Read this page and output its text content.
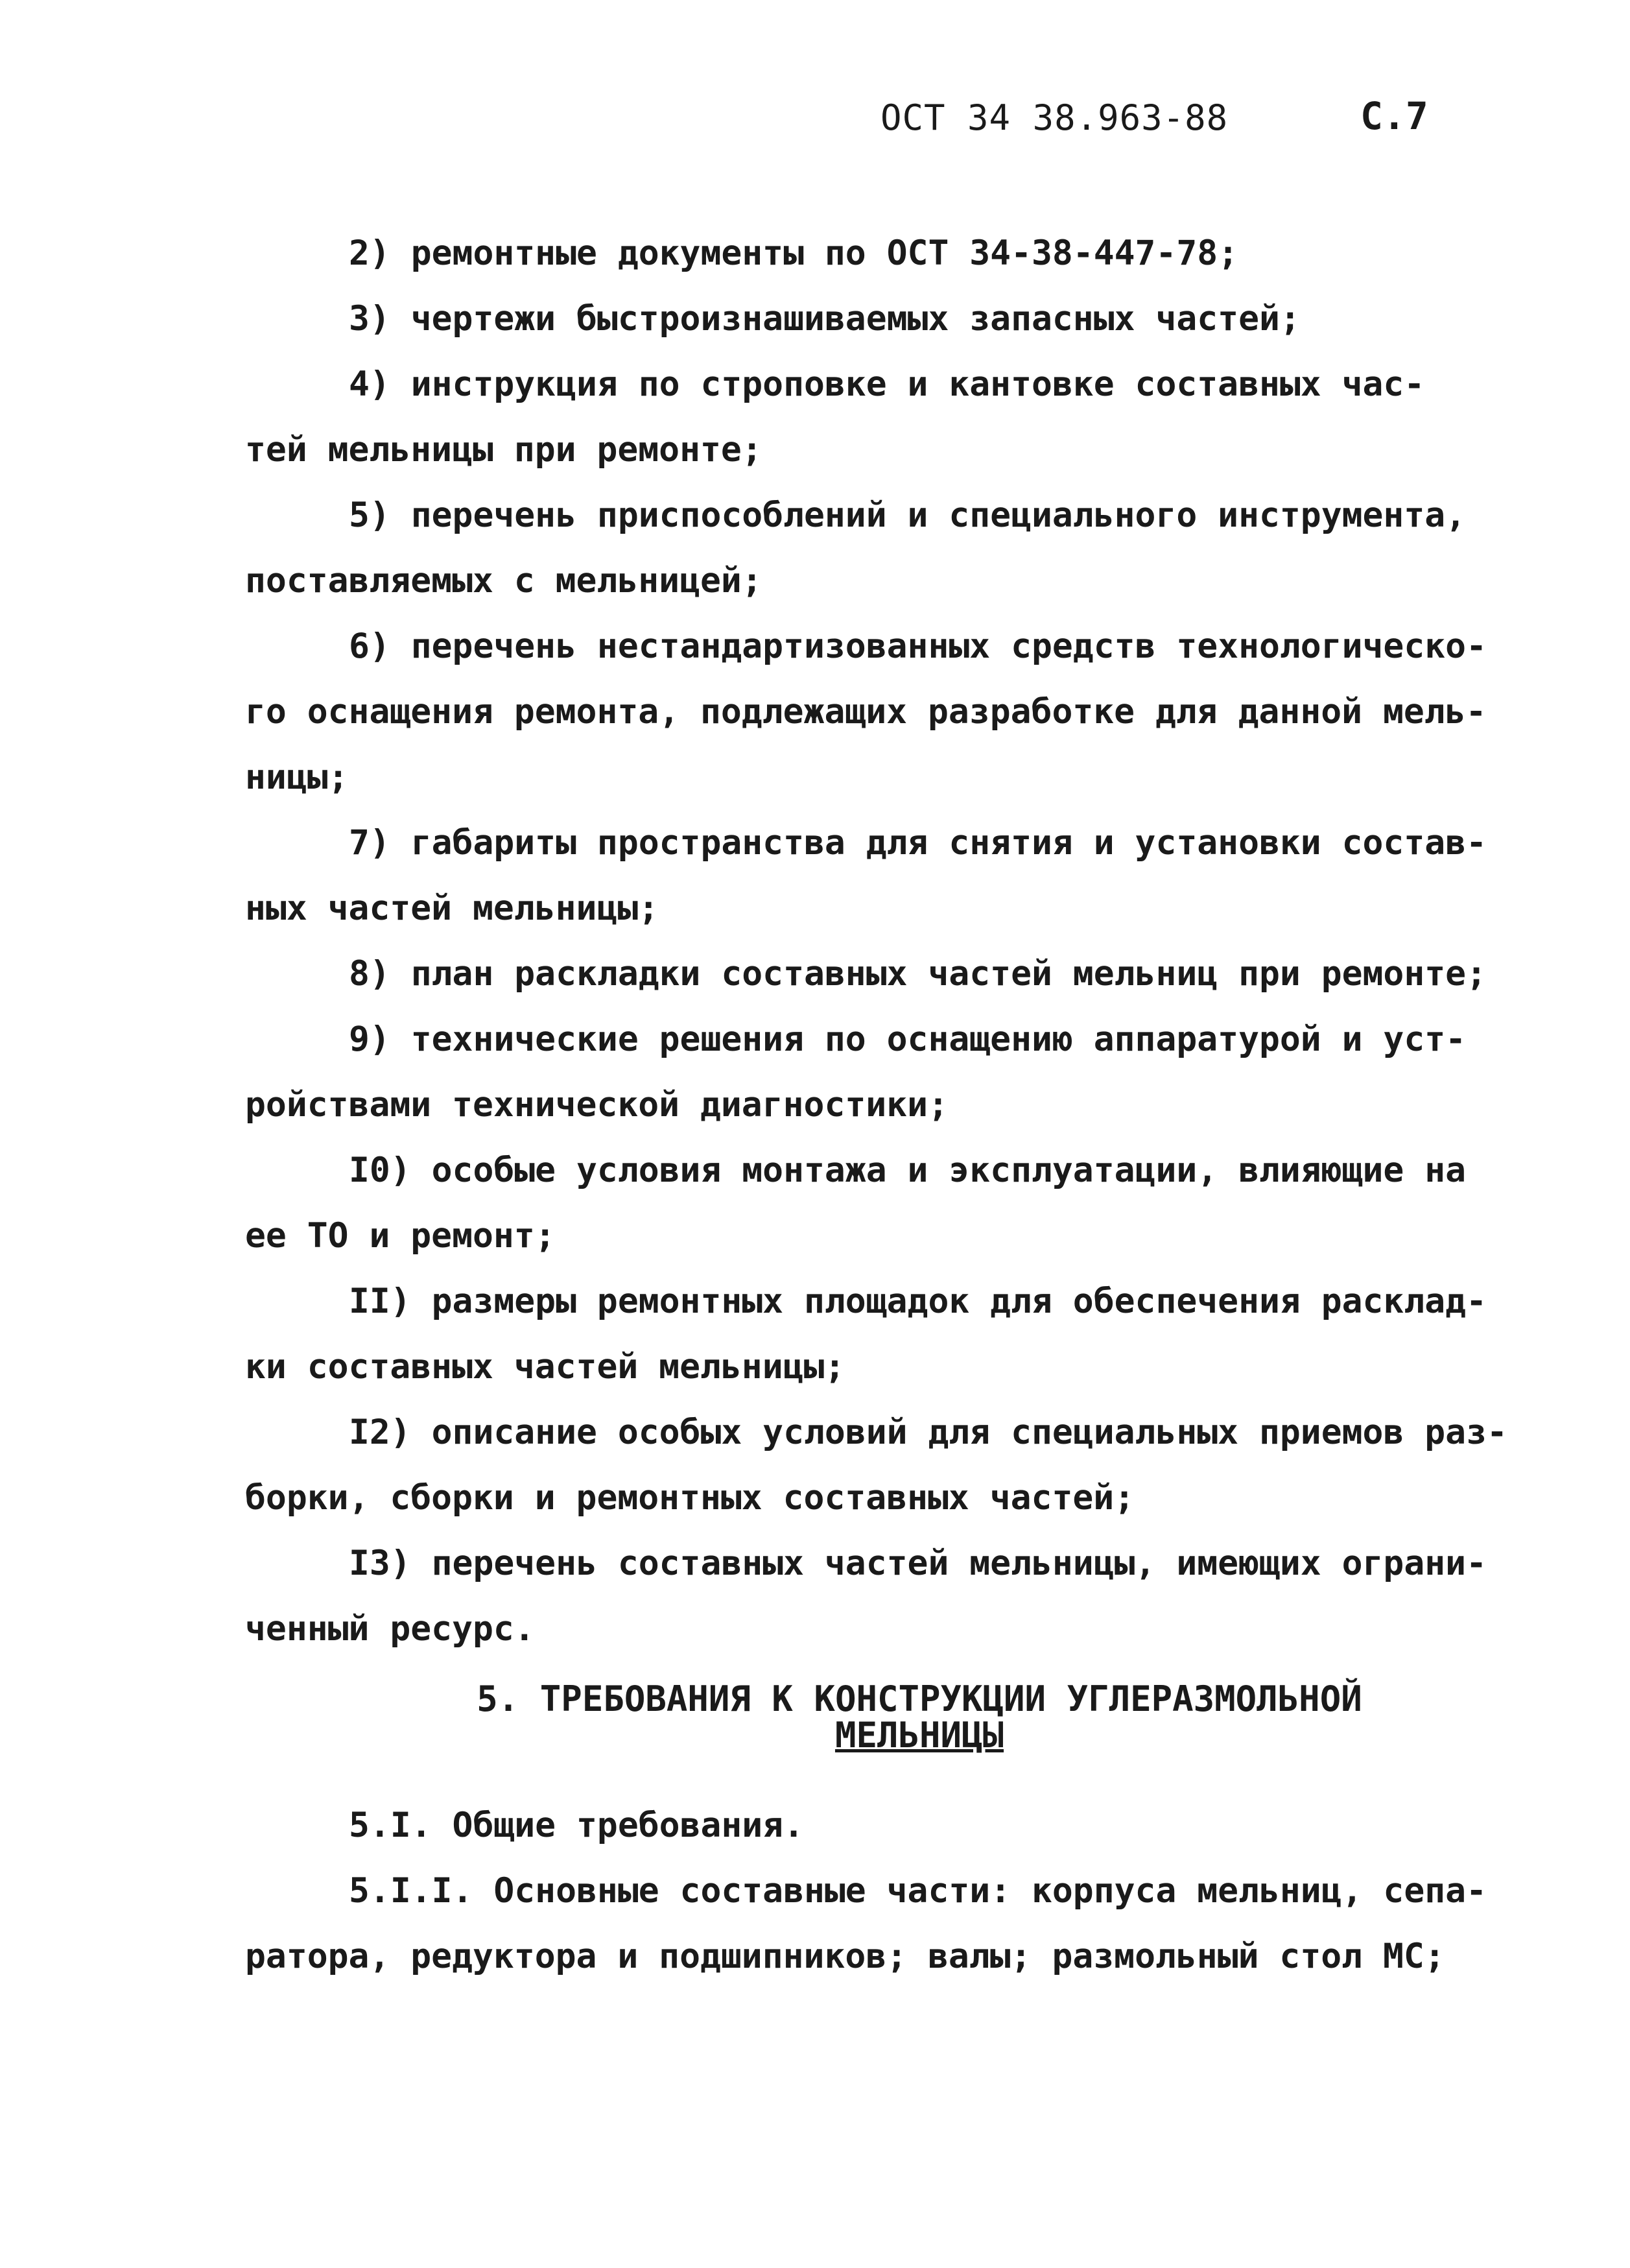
ОСТ 34 38.963-88	С.7
2) ремонтные документы по ОСТ 34-38-447-78;
3) чертежи быстроизнашиваемых запасных частей;
4) инструкция по строповке и кантовке составных час-
тей мельницы при ремонте;
5) перечень приспособлений и специального инструмента,
поставляемых с мельницей;
6) перечень нестандартизованных средств технологическо-
го оснащения ремонта, подлежащих разработке для данной мель-
ницы;
7) габариты пространства для снятия и установки состав-
ных частей мельницы;
8) план раскладки составных частей мельниц при ремонте;
9) технические решения по оснащению аппаратурой и уст-
ройствами технической диагностики;
I0) особые условия монтажа и эксплуатации, влияющие на
ее ТО и ремонт;
II) размеры ремонтных площадок для обеспечения расклад-
ки составных частей мельницы;
I2) описание особых условий для специальных приемов раз-
борки, сборки и ремонтных составных частей;
I3) перечень составных частей мельницы, имеющих ограни-
ченный ресурс.
5. ТРЕБОВАНИЯ К КОНСТРУКЦИИ УГЛЕРАЗМОЛЬНОЙ
МЕЛЬНИЦЫ
5.I. Общие требования.
5.I.I. Основные составные части: корпуса мельниц, сепа-
ратора, редуктора и подшипников; валы; размольный стол МС;
